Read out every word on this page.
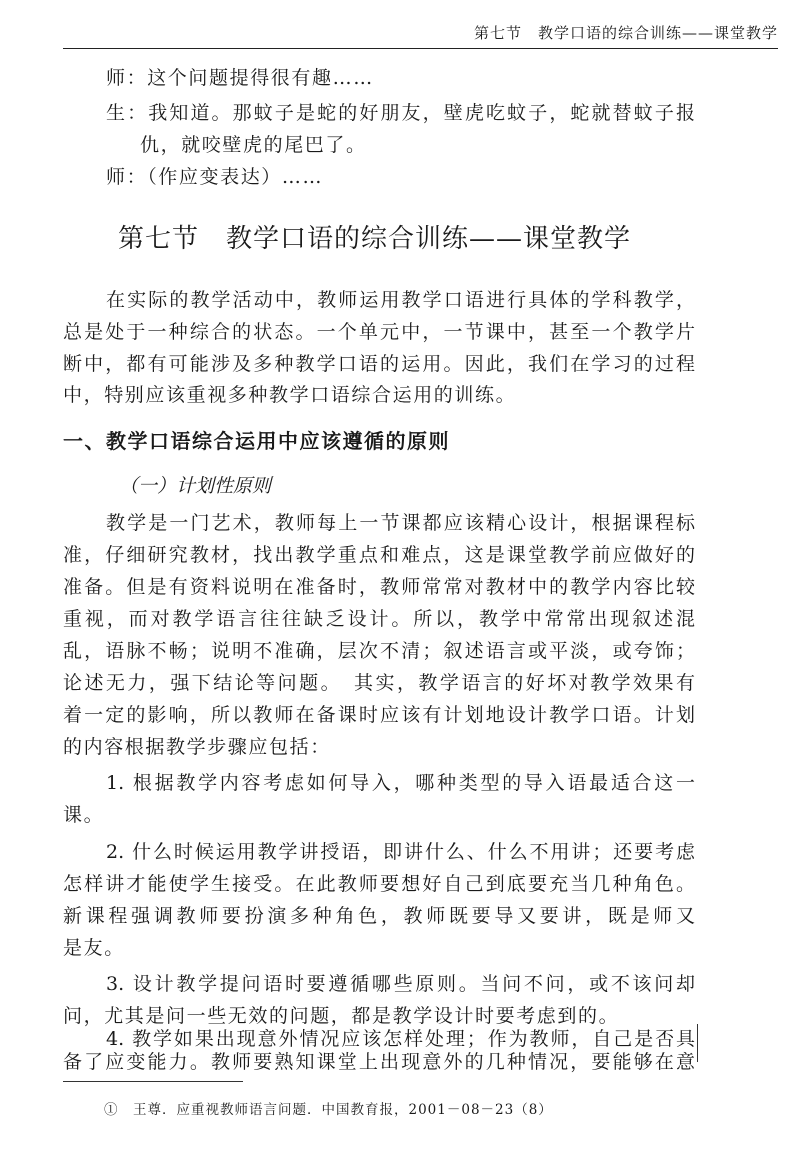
第七节　教学口语的综合训练——课堂教学
师：这个问题提得很有趣……
生：我知道。那蚊子是蛇的好朋友，壁虎吃蚊子，蛇就替蚊子报
仇，就咬壁虎的尾巴了。
师：（作应变表达）……
第七节　教学口语的综合训练——课堂教学
在实际的教学活动中，教师运用教学口语进行具体的学科教学，
总是处于一种综合的状态。一个单元中，一节课中，甚至一个教学片
断中，都有可能涉及多种教学口语的运用。因此，我们在学习的过程
中，特别应该重视多种教学口语综合运用的训练。
一、教学口语综合运用中应该遵循的原则
（一）计划性原则
教学是一门艺术，教师每上一节课都应该精心设计，根据课程标
准，仔细研究教材，找出教学重点和难点，这是课堂教学前应做好的
准备。但是有资料说明在准备时，教师常常对教材中的教学内容比较
重视，而对教学语言往往缺乏设计。所以，教学中常常出现叙述混
乱，语脉不畅；说明不准确，层次不清；叙述语言或平淡，或夸饰；
论述无力，强下结论等问题。　其实，教学语言的好坏对教学效果有
着一定的影响，所以教师在备课时应该有计划地设计教学口语。计划
的内容根据教学步骤应包括：
1. 根据教学内容考虑如何导入，哪种类型的导入语最适合这一
课。
2. 什么时候运用教学讲授语，即讲什么、什么不用讲；还要考虑
怎样讲才能使学生接受。在此教师要想好自己到底要充当几种角色。
新课程强调教师要扮演多种角色，教师既要导又要讲，既是师又
是友。
3. 设计教学提问语时要遵循哪些原则。当问不问，或不该问却
问，尤其是问一些无效的问题，都是教学设计时要考虑到的。
4. 教学如果出现意外情况应该怎样处理；作为教师，自己是否具
备了应变能力。教师要熟知课堂上出现意外的几种情况，要能够在意
①　王尊．应重视教师语言问题．中国教育报，2001－08－23（8）
